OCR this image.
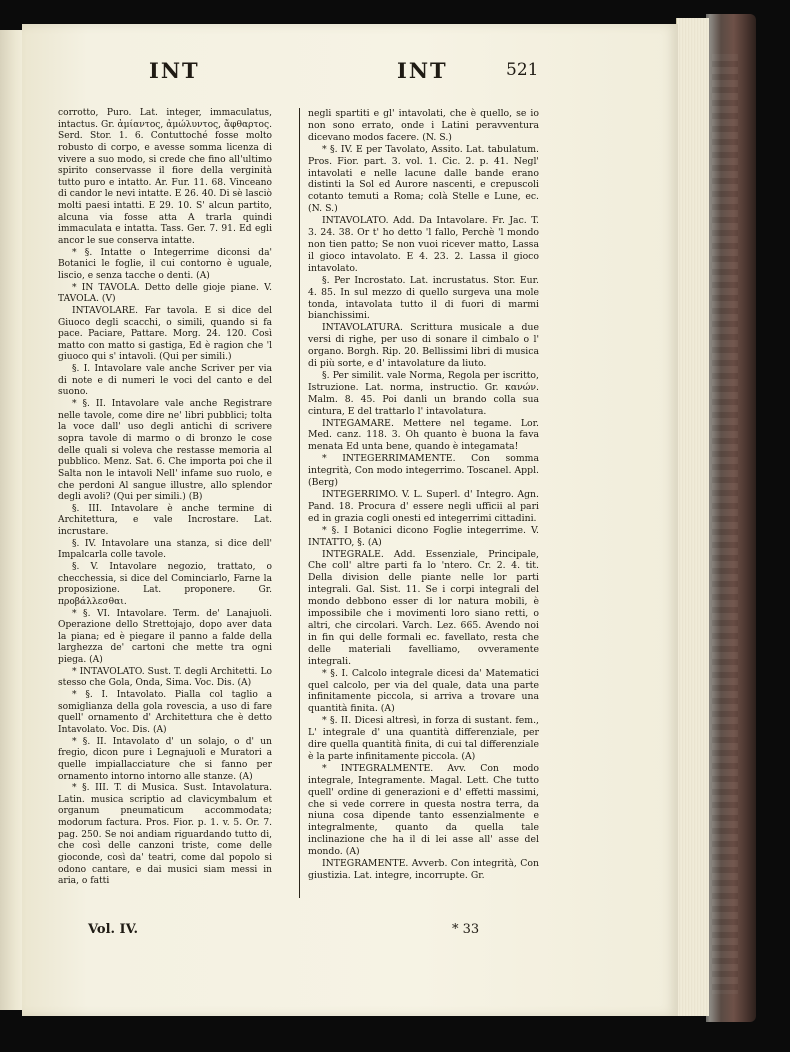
INT	INT	521

corrotto, Puro. Lat. integer, immaculatus, intactus. Gr. ἀμίαντος, ἀμώλυντος, ἄφθαρτος. Serd. Stor. 1. 6. Contuttoché fosse molto robusto di corpo, e avesse somma licenza di vivere a suo modo, si crede che fino all'ultimo spirito conservasse il fiore della verginità tutto puro e intatto. Ar. Fur. 11. 68. Vinceano di candor le nevi intatte. E 26. 40. Di sè lasciò molti paesi intatti. E 29. 10. S' alcun partito, alcuna via fosse atta A trarla quindi immaculata e intatta. Tass. Ger. 7. 91. Ed egli ancor le sue conserva intatte.

* §. Intatte o Integerrime diconsi da' Botanici le foglie, il cui contorno è uguale, liscio, e senza tacche o denti. (A)

* IN TAVOLA. Detto delle gioje piane. V. TAVOLA. (V)

INTAVOLARE. Far tavola. E si dice del Giuoco degli scacchi, o simili, quando si fa pace. Paciare, Pattare. Morg. 24. 120. Così matto con matto si gastiga, Ed è ragion che 'l giuoco qui s' intavoli. (Qui per simili.)

§. I. Intavolare vale anche Scriver per via di note e di numeri le voci del canto e del suono.

* §. II. Intavolare vale anche Registrare nelle tavole, come dire ne' libri pubblici; tolta la voce dall' uso degli antichi di scrivere sopra tavole di marmo o di bronzo le cose delle quali si voleva che restasse memoria al pubblico. Menz. Sat. 6. Che importa poi che il Salta non le intavoli Nell' infame suo ruolo, e che perdoni Al sangue illustre, allo splendor degli avoli? (Qui per simili.) (B)

§. III. Intavolare è anche termine di Architettura, e vale Incrostare. Lat. incrustare.

§. IV. Intavolare una stanza, si dice dell' Impalcarla colle tavole.

§. V. Intavolare negozio, trattato, o checchessia, si dice del Cominciarlo, Farne la proposizione. Lat. proponere. Gr. προβάλλεσθαι.

* §. VI. Intavolare. Term. de' Lanajuoli. Operazione dello Strettojajo, dopo aver data la piana; ed è piegare il panno a falde della larghezza de' cartoni che mette tra ogni piega. (A)

* INTAVOLATO. Sust. T. degli Architetti. Lo stesso che Gola, Onda, Sima. Voc. Dis. (A)

* §. I. Intavolato. Pialla col taglio a somiglianza della gola rovescia, a uso di fare quell' ornamento d' Architettura che è detto Intavolato. Voc. Dis. (A)

* §. II. Intavolato d' un solajo, o d' un fregio, dicon pure i Legnajuoli e Muratori a quelle impiallacciature che si fanno per ornamento intorno intorno alle stanze. (A)

* §. III. T. di Musica. Sust. Intavolatura. Latin. musica scriptio ad clavicymbalum et organum pneumaticum accommodata; modorum factura. Pros. Fior. p. 1. v. 5. Or. 7. pag. 250. Se noi andiam riguardando tutto di, che così delle canzoni triste, come delle gioconde, così da' teatri, come dal popolo si odono cantare, e dai musici siam messi in aria, o fatti

negli spartiti e gl' intavolati, che è quello, se io non sono errato, onde i Latini peravventura dicevano modos facere. (N. S.)

* §. IV. E per Tavolato, Assito. Lat. tabulatum. Pros. Fior. part. 3. vol. 1. Cic. 2. p. 41. Negl' intavolati e nelle lacune dalle bande erano distinti la Sol ed Aurore nascenti, e crepuscoli cotanto temuti a Roma; colà Stelle e Lune, ec. (N. S.)

INTAVOLATO. Add. Da Intavolare. Fr. Jac. T. 3. 24. 38. Or t' ho detto 'l fallo, Perchè 'l mondo non tien patto; Se non vuoi ricever matto, Lassa il gioco intavolato. E 4. 23. 2. Lassa il gioco intavolato.

§. Per Incrostato. Lat. incrustatus. Stor. Eur. 4. 85. In sul mezzo di quello surgeva una mole tonda, intavolata tutto il di fuori di marmi bianchissimi.

INTAVOLATURA. Scrittura musicale a due versi di righe, per uso di sonare il cimbalo o l' organo. Borgh. Rip. 20. Bellissimi libri di musica di più sorte, e d' intavolature da liuto.

§. Per similit. vale Norma, Regola per iscritto, Istruzione. Lat. norma, instructio. Gr. κανών. Malm. 8. 45. Poi danli un brando colla sua cintura, E del trattarlo l' intavolatura.

INTEGAMARE. Mettere nel tegame. Lor. Med. canz. 118. 3. Oh quanto è buona la fava menata Ed unta bene, quando è integamata!

* INTEGERRIMAMENTE. Con somma integrità, Con modo integerrimo. Toscanel. Appl. (Berg)

INTEGERRIMO. V. L. Superl. d' Integro. Agn. Pand. 18. Procura d' essere negli ufficii al pari ed in grazia cogli onesti ed integerrimi cittadini.

* §. I Botanici dicono Foglie integerrime. V. INTATTO, §. (A)

INTEGRALE. Add. Essenziale, Principale, Che coll' altre parti fa lo 'ntero. Cr. 2. 4. tit. Della division delle piante nelle lor parti integrali. Gal. Sist. 11. Se i corpi integrali del mondo debbono esser di lor natura mobili, è impossibile che i movimenti loro siano retti, o altri, che circolari. Varch. Lez. 665. Avendo noi in fin qui delle formali ec. favellato, resta che delle materiali favelliamo, ovveramente integrali.

* §. I. Calcolo integrale dicesi da' Matematici quel calcolo, per via del quale, data una parte infinitamente piccola, si arriva a trovare una quantità finita. (A)

* §. II. Dicesi altresì, in forza di sustant. fem., L' integrale d' una quantità differenziale, per dire quella quantità finita, di cui tal differenziale è la parte infinitamente piccola. (A)

* INTEGRALMENTE. Avv. Con modo integrale, Integramente. Magal. Lett. Che tutto quell' ordine di generazioni e d' effetti massimi, che si vede correre in questa nostra terra, da niuna cosa dipende tanto essenzialmente e integralmente, quanto da quella tale inclinazione che ha il di lei asse all' asse del mondo. (A)

INTEGRAMENTE. Avverb. Con integrità, Con giustizia. Lat. integre, incorrupte. Gr.

Vol. IV.	* 33
